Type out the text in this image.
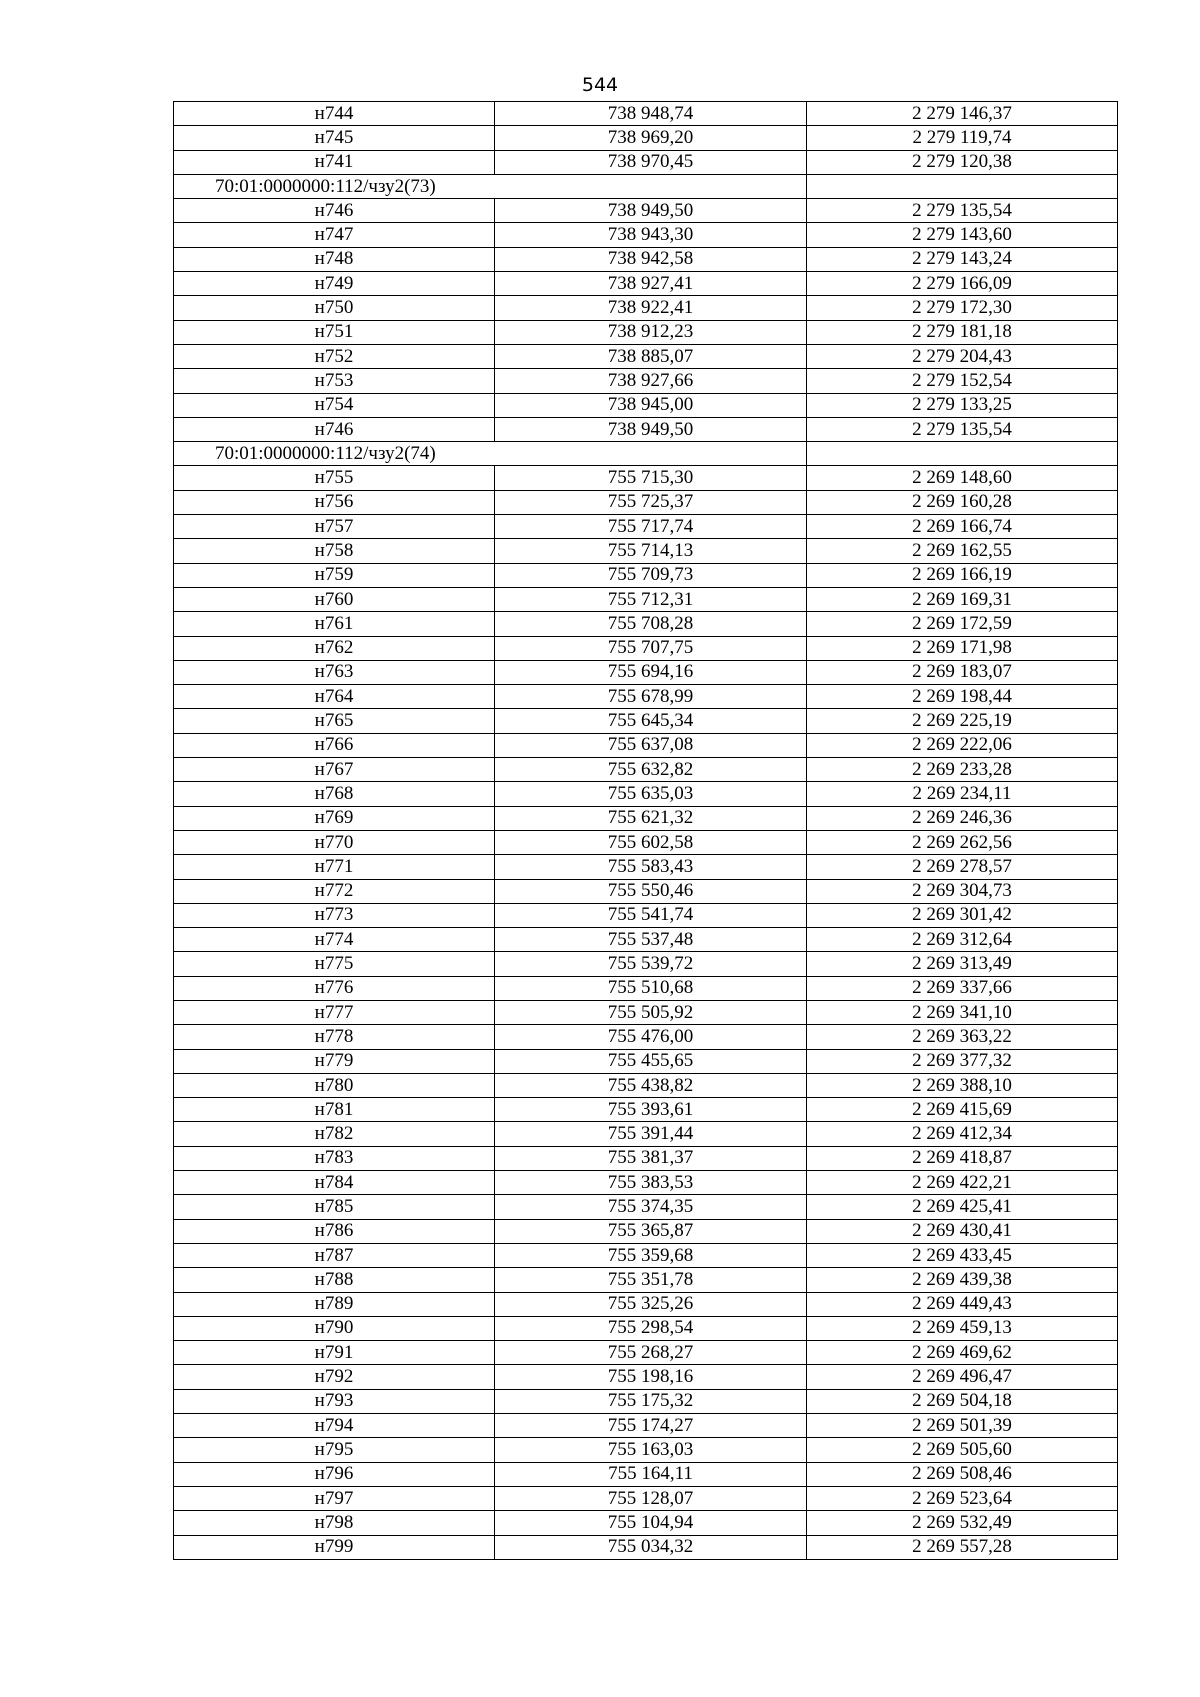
544
н744	738 948,74	2 279 146,37
н745	738 969,20	2 279 119,74
н741	738 970,45	2 279 120,38
70:01:0000000:112/чзу2(73)		
н746	738 949,50	2 279 135,54
н747	738 943,30	2 279 143,60
н748	738 942,58	2 279 143,24
н749	738 927,41	2 279 166,09
н750	738 922,41	2 279 172,30
н751	738 912,23	2 279 181,18
н752	738 885,07	2 279 204,43
н753	738 927,66	2 279 152,54
н754	738 945,00	2 279 133,25
н746	738 949,50	2 279 135,54
70:01:0000000:112/чзу2(74)		
н755	755 715,30	2 269 148,60
н756	755 725,37	2 269 160,28
н757	755 717,74	2 269 166,74
н758	755 714,13	2 269 162,55
н759	755 709,73	2 269 166,19
н760	755 712,31	2 269 169,31
н761	755 708,28	2 269 172,59
н762	755 707,75	2 269 171,98
н763	755 694,16	2 269 183,07
н764	755 678,99	2 269 198,44
н765	755 645,34	2 269 225,19
н766	755 637,08	2 269 222,06
н767	755 632,82	2 269 233,28
н768	755 635,03	2 269 234,11
н769	755 621,32	2 269 246,36
н770	755 602,58	2 269 262,56
н771	755 583,43	2 269 278,57
н772	755 550,46	2 269 304,73
н773	755 541,74	2 269 301,42
н774	755 537,48	2 269 312,64
н775	755 539,72	2 269 313,49
н776	755 510,68	2 269 337,66
н777	755 505,92	2 269 341,10
н778	755 476,00	2 269 363,22
н779	755 455,65	2 269 377,32
н780	755 438,82	2 269 388,10
н781	755 393,61	2 269 415,69
н782	755 391,44	2 269 412,34
н783	755 381,37	2 269 418,87
н784	755 383,53	2 269 422,21
н785	755 374,35	2 269 425,41
н786	755 365,87	2 269 430,41
н787	755 359,68	2 269 433,45
н788	755 351,78	2 269 439,38
н789	755 325,26	2 269 449,43
н790	755 298,54	2 269 459,13
н791	755 268,27	2 269 469,62
н792	755 198,16	2 269 496,47
н793	755 175,32	2 269 504,18
н794	755 174,27	2 269 501,39
н795	755 163,03	2 269 505,60
н796	755 164,11	2 269 508,46
н797	755 128,07	2 269 523,64
н798	755 104,94	2 269 532,49
н799	755 034,32	2 269 557,28
